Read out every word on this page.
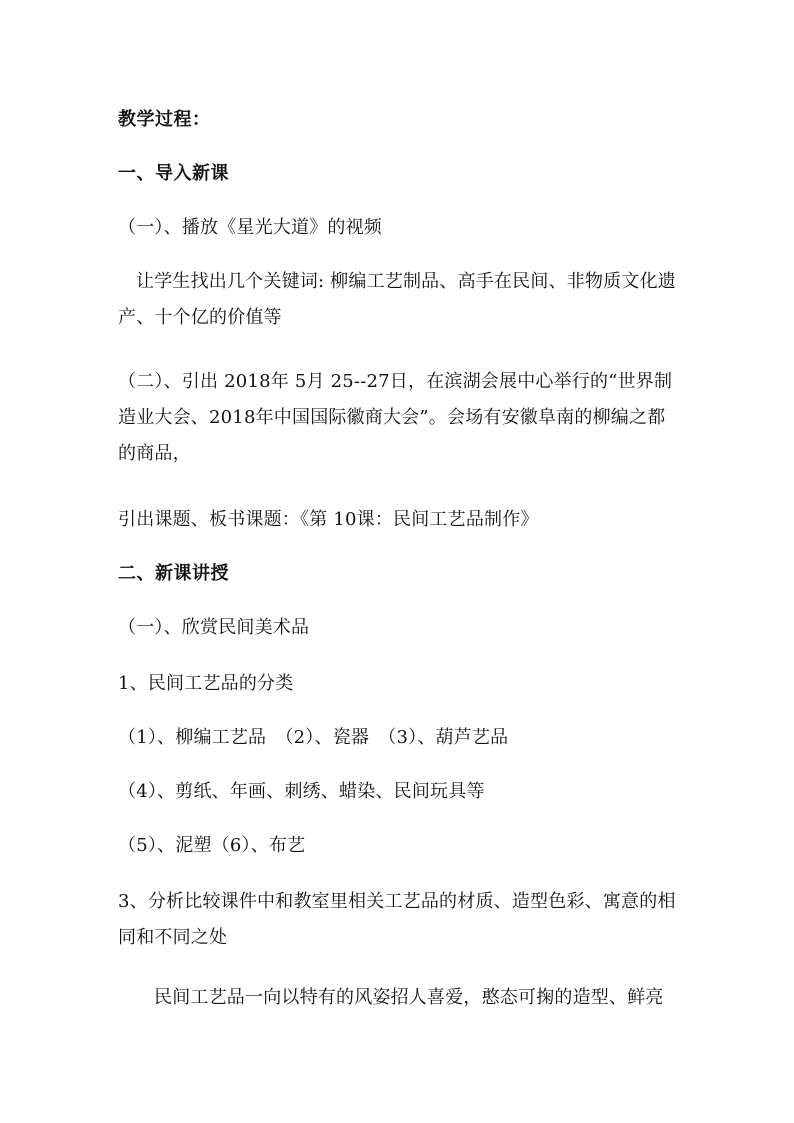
教学过程：
一、导入新课
（一）、播放《星光大道》的视频
让学生找出几个关键词: 柳编工艺制品、高手在民间、非物质文化遗产、十个亿的价值等
（二）、引出 2018年 5月 25--27日，在滨湖会展中心举行的“世界制造业大会、2018年中国国际徽商大会”。会场有安徽阜南的柳编之都的商品，
引出课题、板书课题：《第 10课：民间工艺品制作》
二、新课讲授
（一）、欣赏民间美术品
1、民间工艺品的分类
（1）、柳编工艺品　（2）、瓷器　（3）、葫芦艺品
（4）、剪纸、年画、刺绣、蜡染、民间玩具等
（5）、泥塑（6）、布艺
3、分析比较课件中和教室里相关工艺品的材质、造型色彩、寓意的相同和不同之处
民间工艺品一向以特有的风姿招人喜爱，憨态可掬的造型、鲜亮
